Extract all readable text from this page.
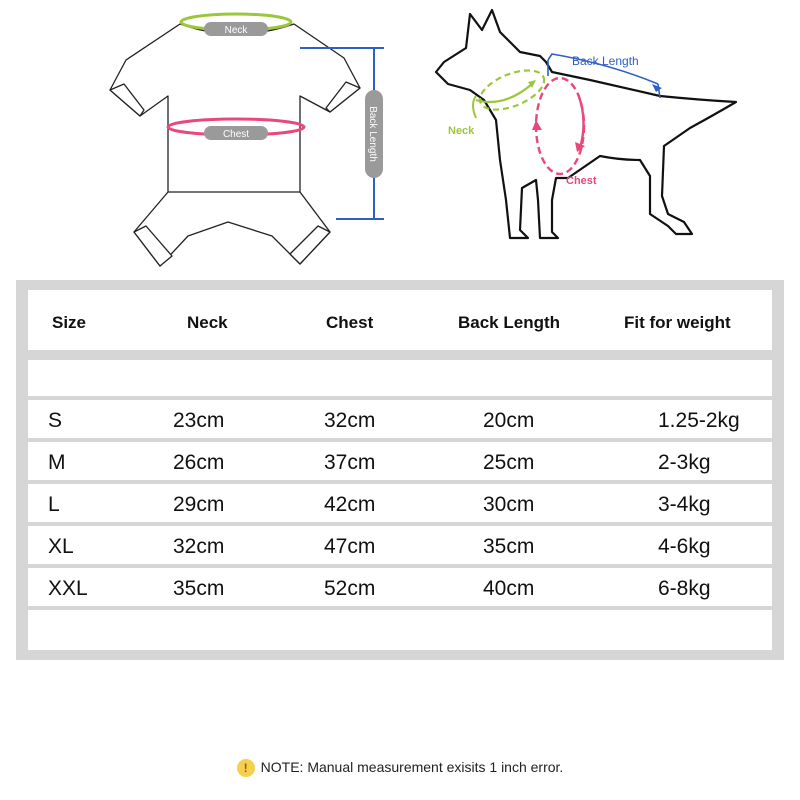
Neck
Chest	Back Length	Neck
Chest
Back Length
Size	Neck	Chest	Back Length	Fit for weight
S	23cm	32cm	20cm	1.25-2kg
M	26cm	37cm	25cm	2-3kg
L	29cm	42cm	30cm	3-4kg
XL	32cm	47cm	35cm	4-6kg
XXL	35cm	52cm	40cm	6-8kg
! NOTE: Manual measurement exisits 1 inch error.
